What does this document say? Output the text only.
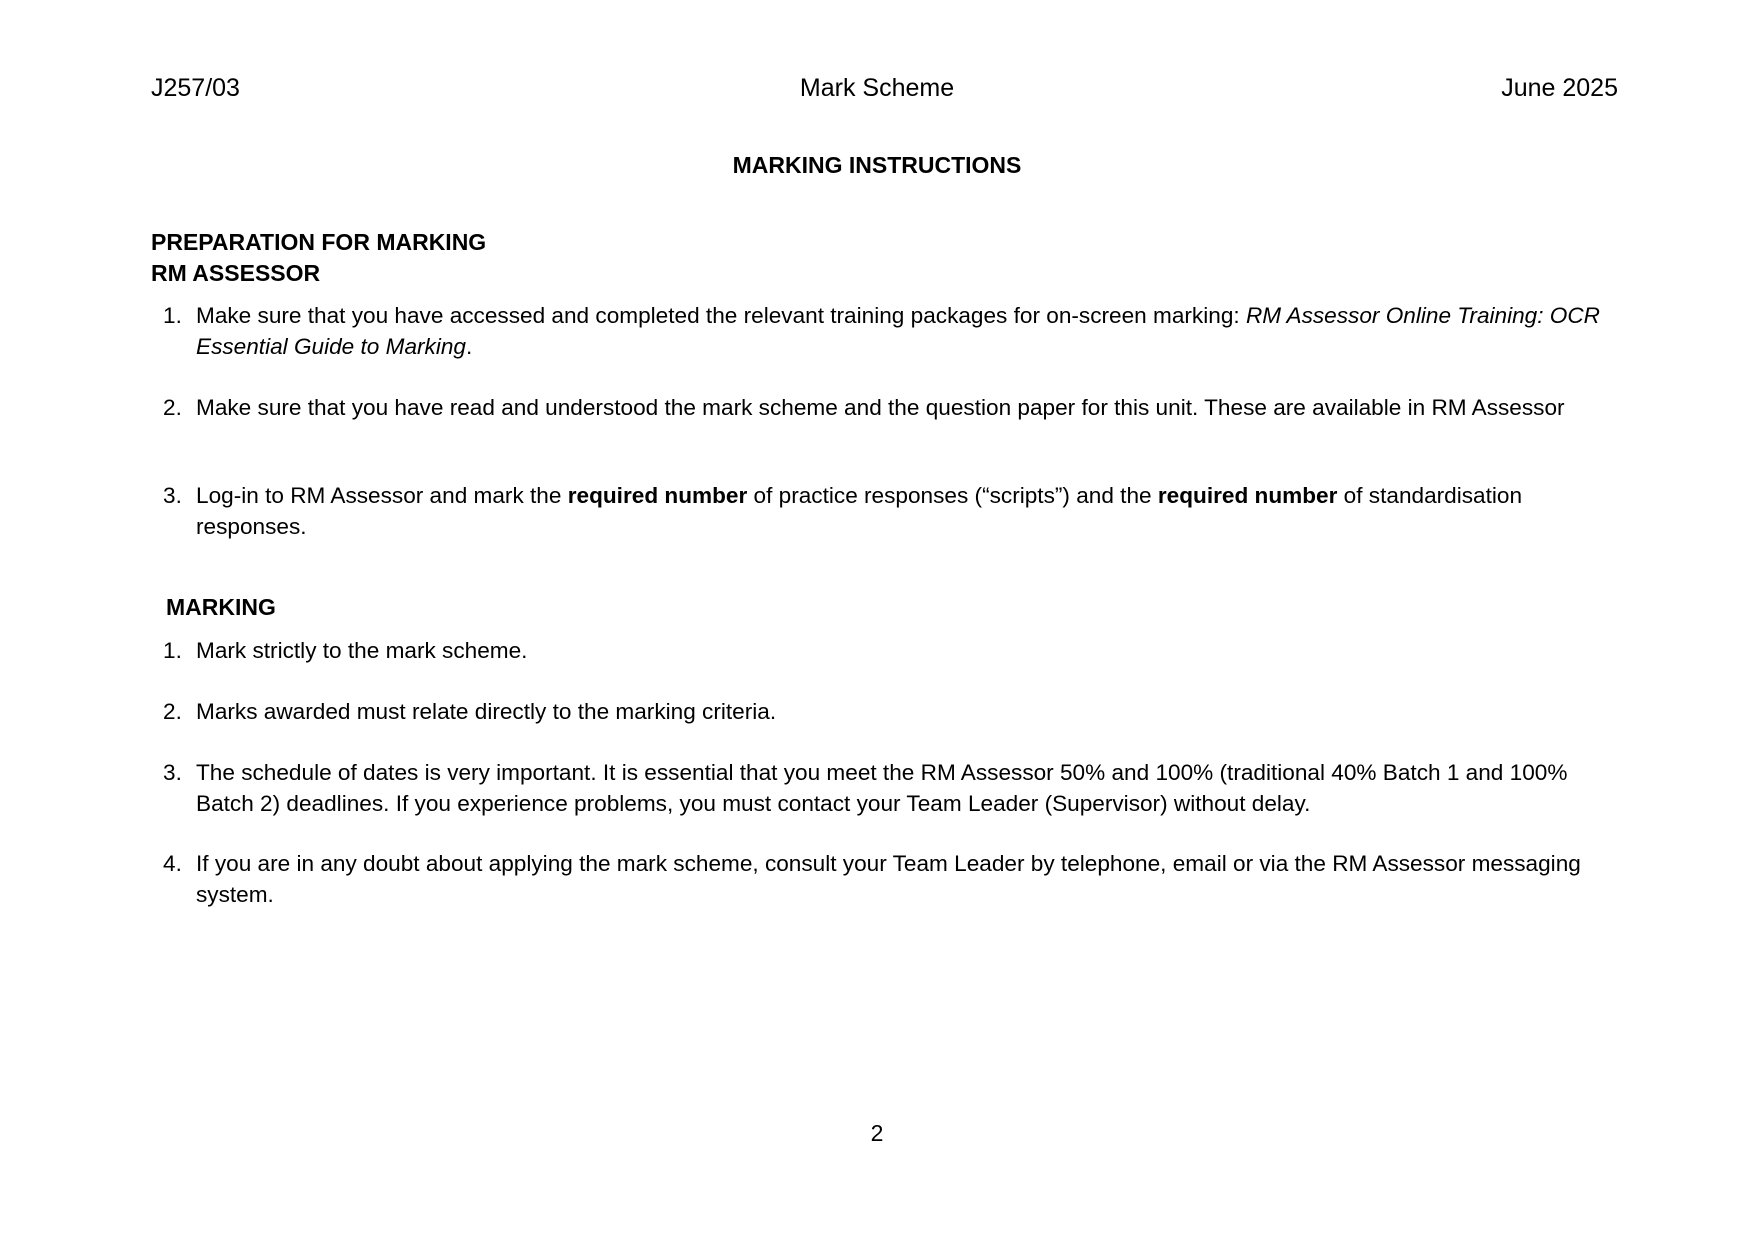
J257/03	Mark Scheme	June 2025
MARKING INSTRUCTIONS
PREPARATION FOR MARKING
RM ASSESSOR
1. Make sure that you have accessed and completed the relevant training packages for on-screen marking: RM Assessor Online Training: OCR Essential Guide to Marking.
2. Make sure that you have read and understood the mark scheme and the question paper for this unit. These are available in RM Assessor
3. Log-in to RM Assessor and mark the required number of practice responses (“scripts”) and the required number of standardisation responses.
MARKING
1. Mark strictly to the mark scheme.
2. Marks awarded must relate directly to the marking criteria.
3. The schedule of dates is very important. It is essential that you meet the RM Assessor 50% and 100% (traditional 40% Batch 1 and 100% Batch 2) deadlines. If you experience problems, you must contact your Team Leader (Supervisor) without delay.
4. If you are in any doubt about applying the mark scheme, consult your Team Leader by telephone, email or via the RM Assessor messaging system.
2
